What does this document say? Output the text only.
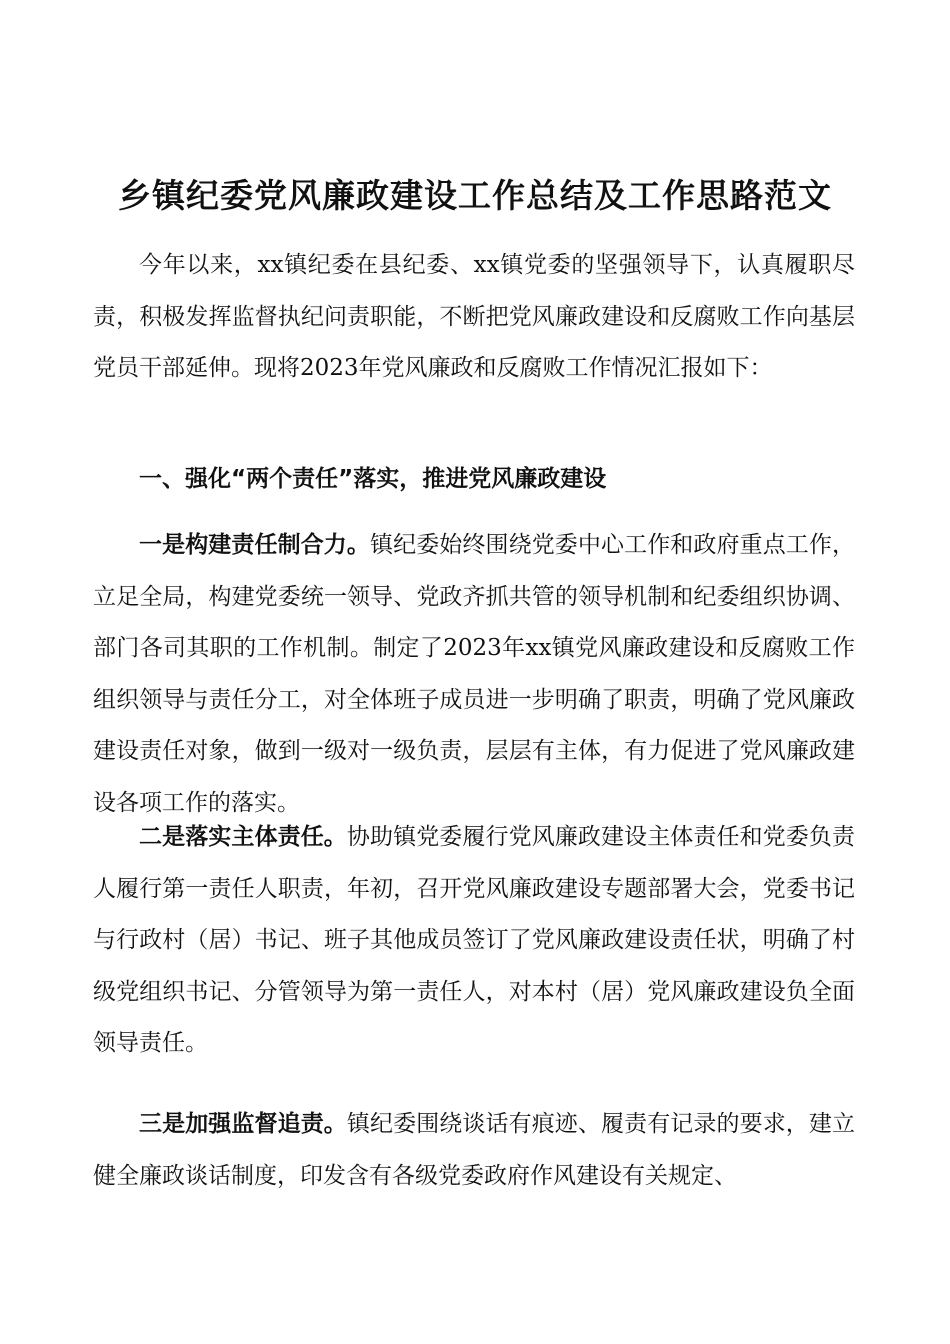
乡镇纪委党风廉政建设工作总结及工作思路范文

今年以来，xx镇纪委在县纪委、xx镇党委的坚强领导下，认真履职尽责，积极发挥监督执纪问责职能，不断把党风廉政建设和反腐败工作向基层党员干部延伸。现将2023年党风廉政和反腐败工作情况汇报如下：

一、强化“两个责任”落实，推进党风廉政建设

一是构建责任制合力。镇纪委始终围绕党委中心工作和政府重点工作，立足全局，构建党委统一领导、党政齐抓共管的领导机制和纪委组织协调、部门各司其职的工作机制。制定了2023年xx镇党风廉政建设和反腐败工作组织领导与责任分工，对全体班子成员进一步明确了职责，明确了党风廉政建设责任对象，做到一级对一级负责，层层有主体，有力促进了党风廉政建设各项工作的落实。

二是落实主体责任。协助镇党委履行党风廉政建设主体责任和党委负责人履行第一责任人职责，年初，召开党风廉政建设专题部署大会，党委书记与行政村（居）书记、班子其他成员签订了党风廉政建设责任状，明确了村级党组织书记、分管领导为第一责任人，对本村（居）党风廉政建设负全面领导责任。

三是加强监督追责。镇纪委围绕谈话有痕迹、履责有记录的要求，建立健全廉政谈话制度，印发含有各级党委政府作风建设有关规定、
